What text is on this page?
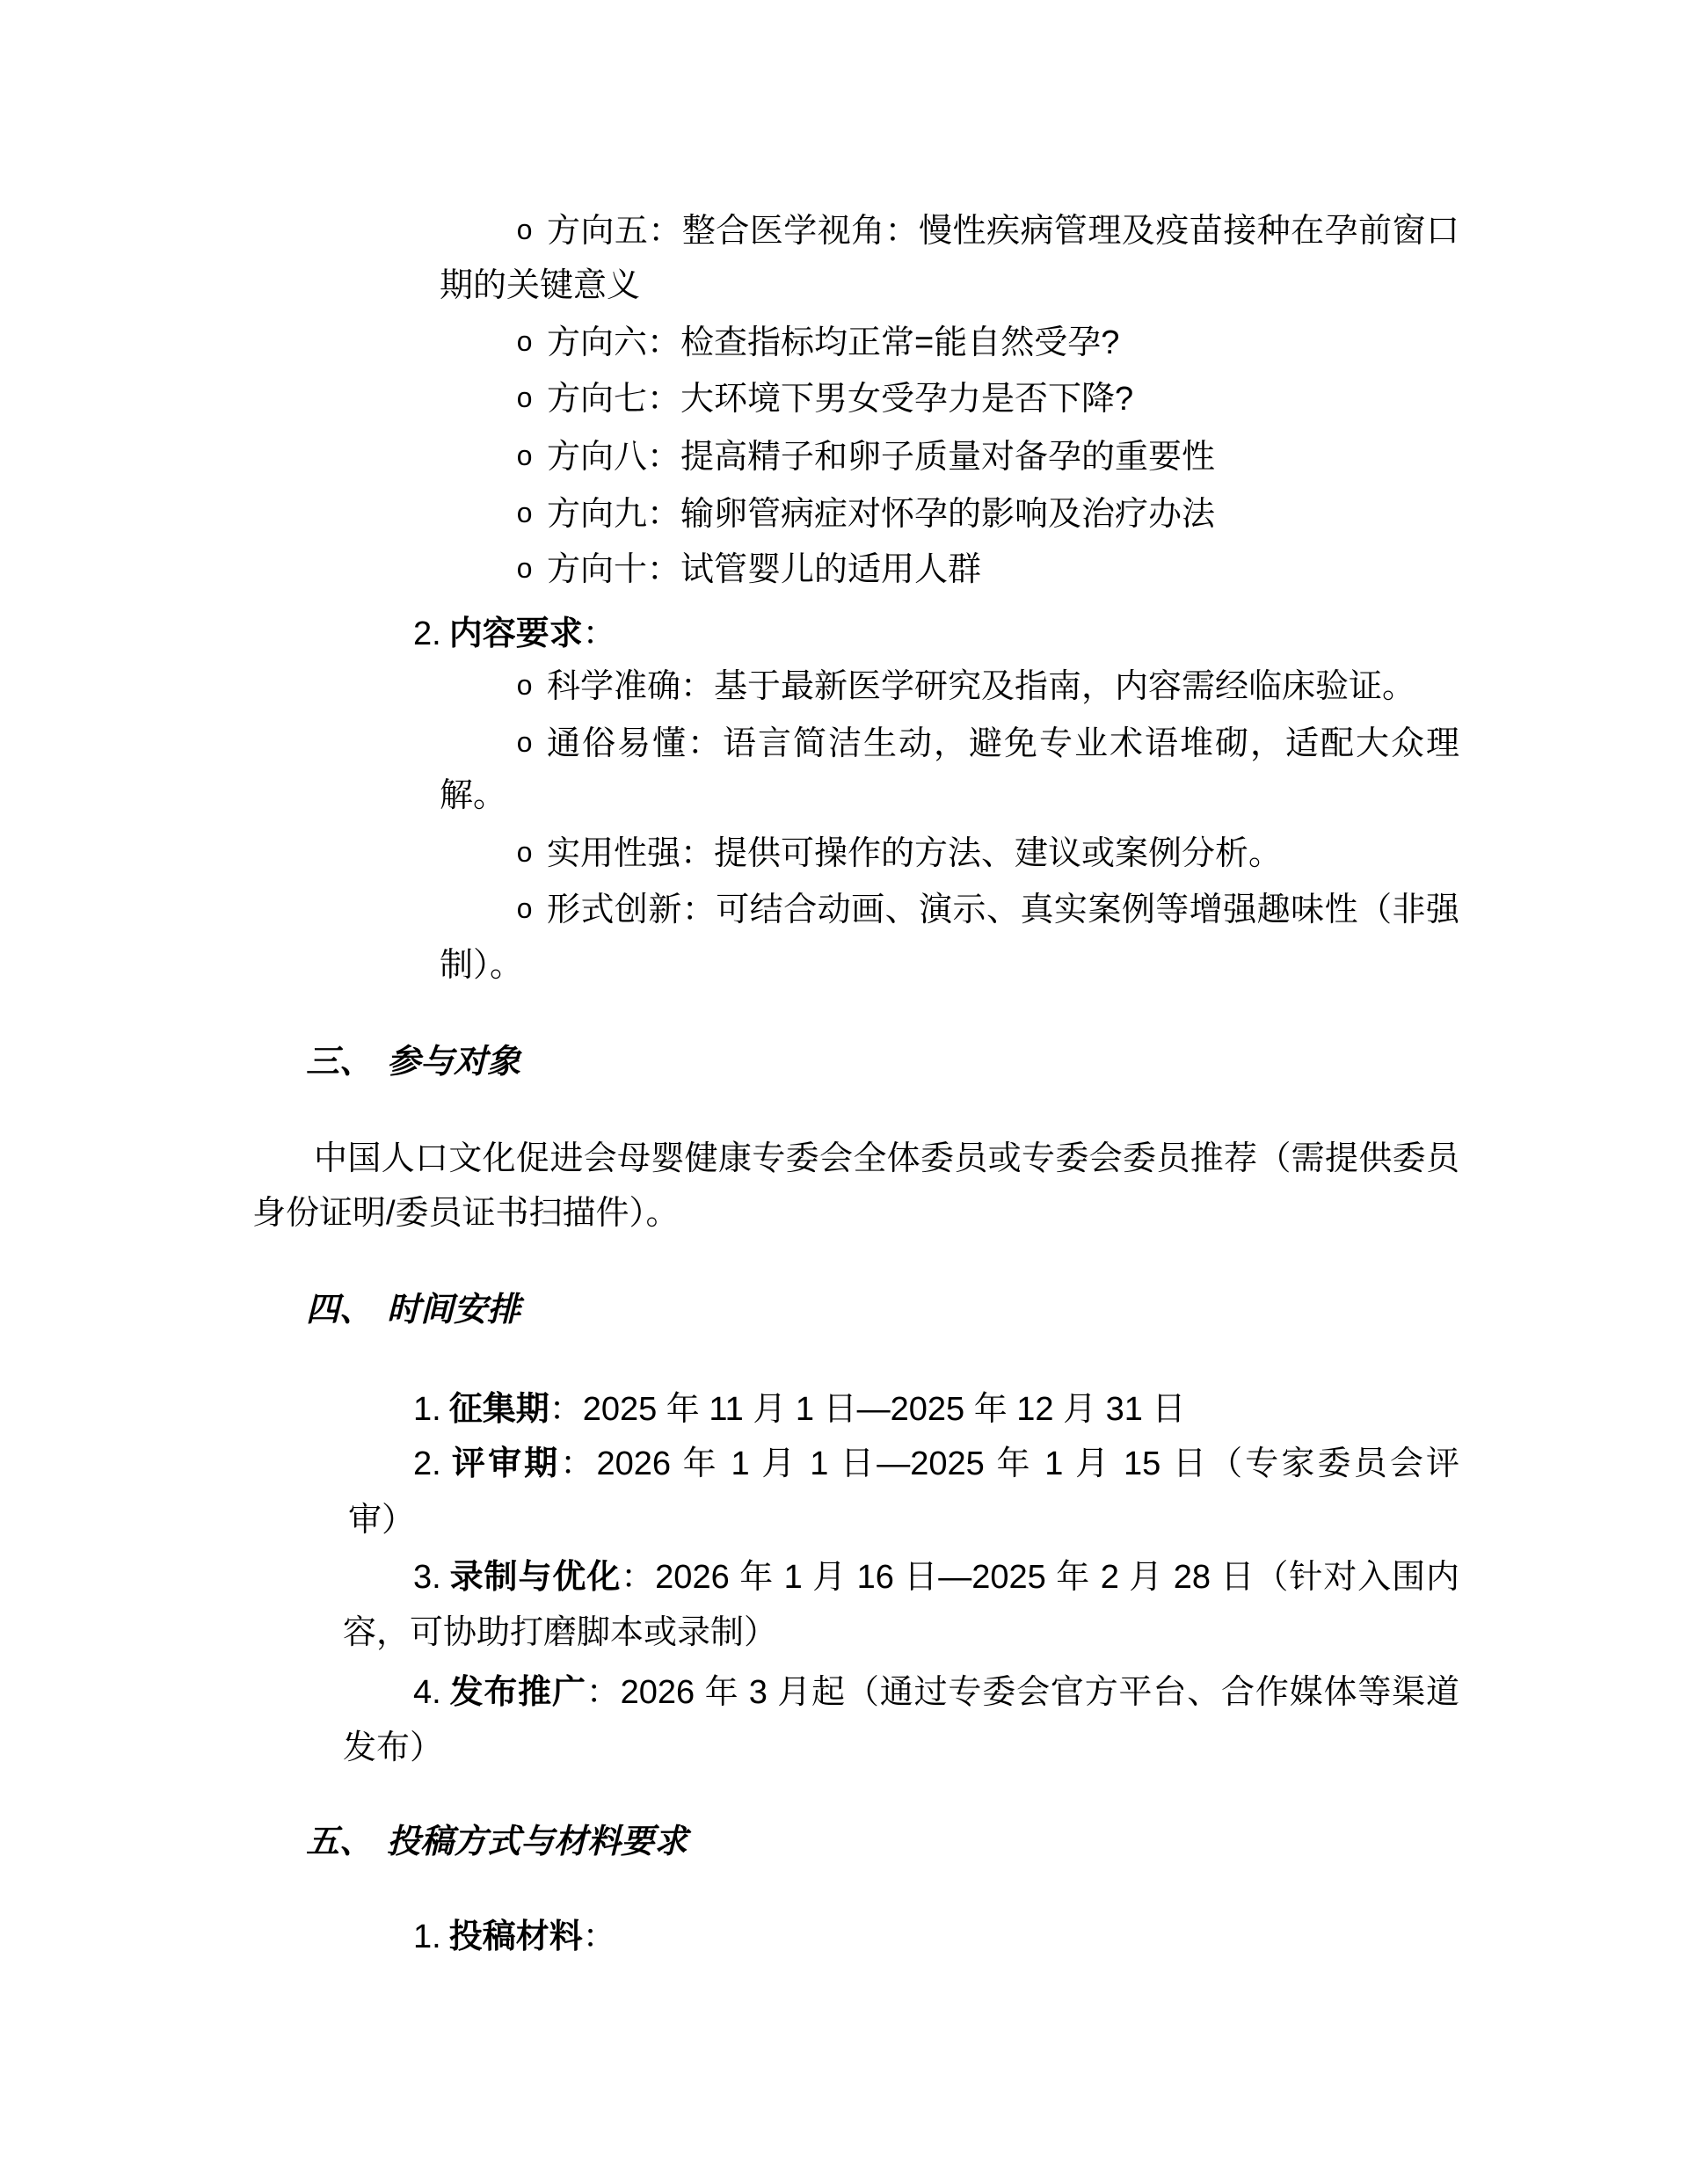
o 方向五：整合医学视角：慢性疾病管理及疫苗接种在孕前窗口
期的关键意义
o 方向六：检查指标均正常=能自然受孕?
o 方向七：大环境下男女受孕力是否下降?
o 方向八：提高精子和卵子质量对备孕的重要性
o 方向九：输卵管病症对怀孕的影响及治疗办法
o 方向十：试管婴儿的适用人群
2. 内容要求：
o 科学准确：基于最新医学研究及指南，内容需经临床验证。
o 通俗易懂：语言简洁生动，避免专业术语堆砌，适配大众理
解。
o 实用性强：提供可操作的方法、建议或案例分析。
o 形式创新：可结合动画、演示、真实案例等增强趣味性（非强
制）。
三、 参与对象
中国人口文化促进会母婴健康专委会全体委员或专委会委员推荐（需提供委员
身份证明/委员证书扫描件）。
四、 时间安排
1. 征集期：2025 年 11 月 1 日—2025 年 12 月 31 日
2. 评审期：2026 年 1 月 1 日—2025 年 1 月 15 日（专家委员会评
审）
3. 录制与优化：2026 年 1 月 16 日—2025 年 2 月 28 日（针对入围内
容，可协助打磨脚本或录制）
4. 发布推广：2026 年 3 月起（通过专委会官方平台、合作媒体等渠道
发布）
五、 投稿方式与材料要求
1. 投稿材料：
